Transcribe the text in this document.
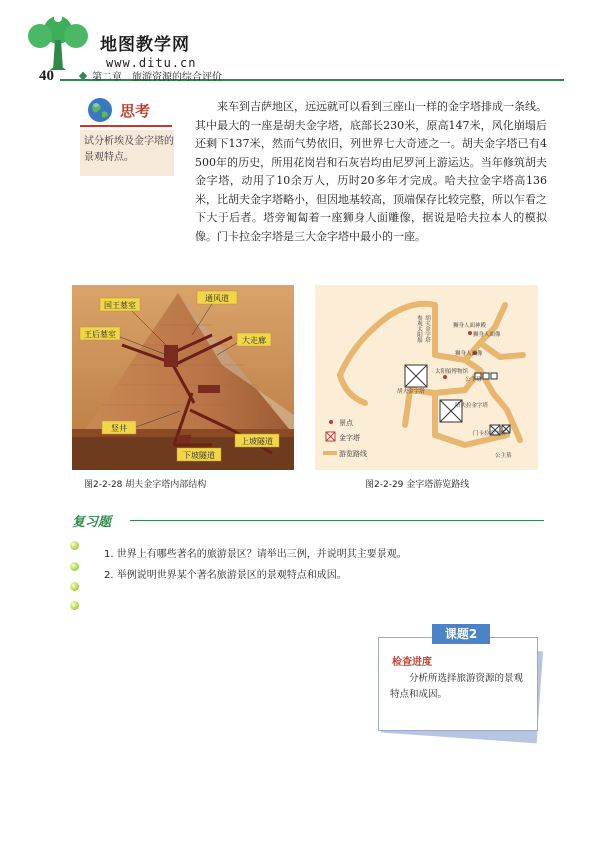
地图教学网
www.ditu.cn
40	第二章 旅游资源的综合评价
思考
试分析埃及金字塔的景观特点。
来车到吉萨地区，远远就可以看到三座山一样的金字塔排成一条线。其中最大的一座是胡夫金字塔，底部长230米，原高147米，风化崩塌后还剩下137米，然而气势依旧，列世界七大奇迹之一。胡夫金字塔已有4 500年的历史，所用花岗岩和石灰岩均由尼罗河上游运达。当年修筑胡夫金字塔，动用了10余万人，历时20多年才完成。哈夫拉金字塔高136米，比胡夫金字塔略小，但因地基较高，顶端保存比较完整，所以乍看之下大于后者。塔旁匍匐着一座狮身人面雕像，据说是哈夫拉本人的模拟像。门卡拉金字塔是三大金字塔中最小的一座。
国王墓室
通风道
王后墓室
大走廊
竖井
上坡隧道
下坡隧道
胡夫金字塔
参观太阳船	狮身人面神殿
狮身人面像
狮身人面像
太阳船博物馆
胡夫金字塔
公主墓
哈夫拉金字塔
门卡拉金字塔
公主墓
景点
金字塔
游览路线
图2-2-28 胡夫金字塔内部结构	图2-2-29 金字塔游览路线
复习题
1. 世界上有哪些著名的旅游景区？请举出三例，并说明其主要景观。
2. 举例说明世界某个著名旅游景区的景观特点和成因。
课题2
检查进度
分析所选择旅游资源的景观特点和成因。
